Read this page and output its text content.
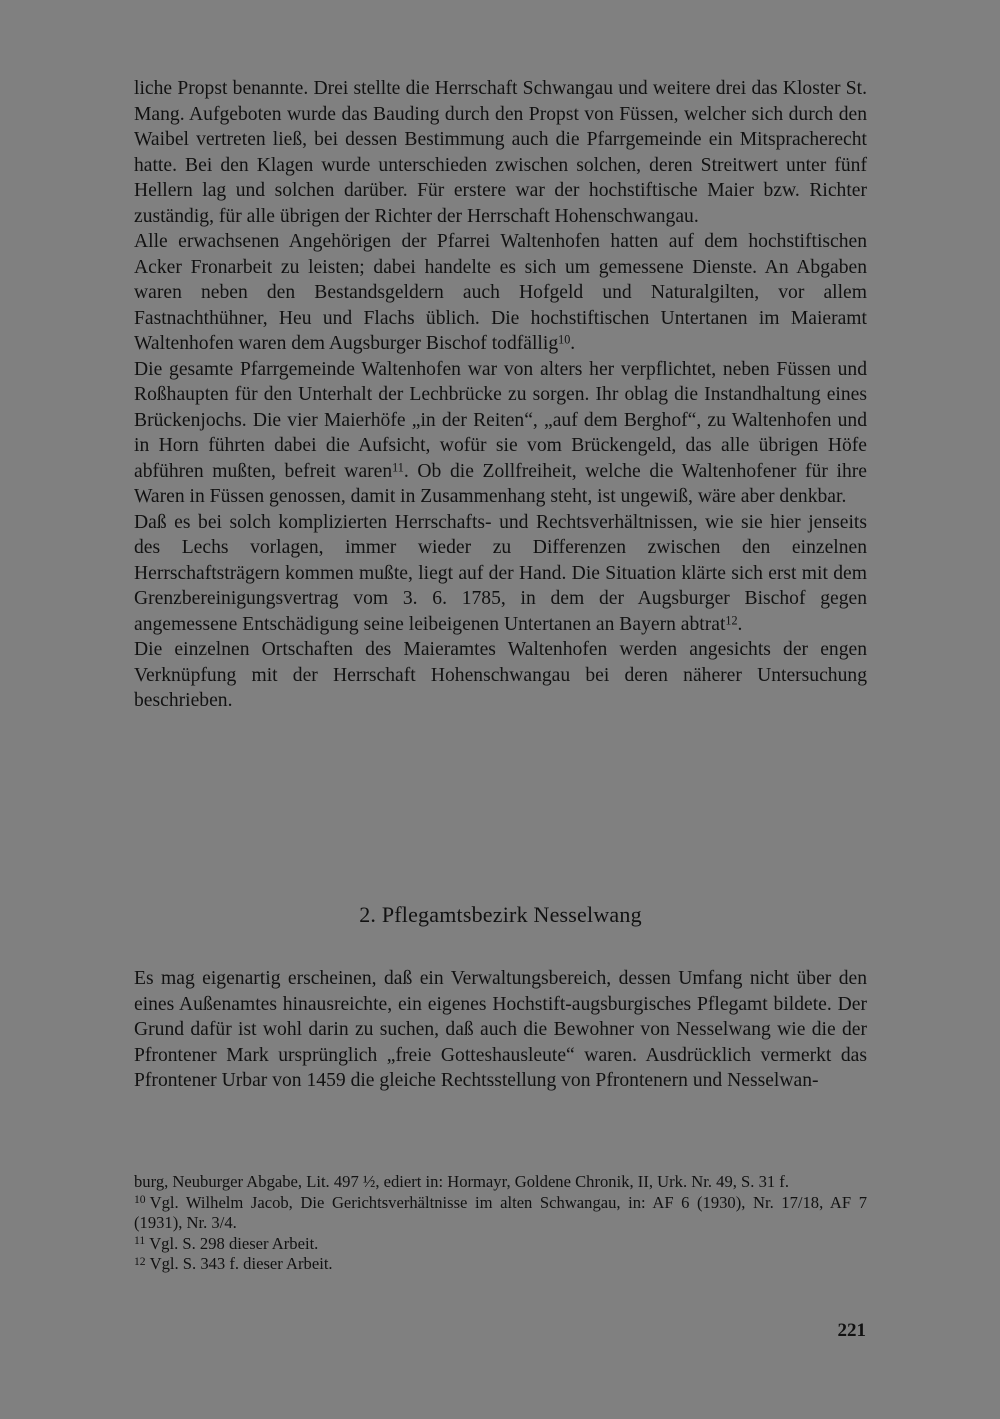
liche Propst benannte. Drei stellte die Herrschaft Schwangau und weitere drei das Kloster St. Mang. Aufgeboten wurde das Bauding durch den Propst von Füssen, welcher sich durch den Waibel vertreten ließ, bei dessen Bestimmung auch die Pfarrgemeinde ein Mitspracherecht hatte. Bei den Klagen wurde unterschieden zwischen solchen, deren Streitwert unter fünf Hellern lag und solchen darüber. Für erstere war der hochstiftische Maier bzw. Richter zuständig, für alle übrigen der Richter der Herrschaft Hohenschwangau.

Alle erwachsenen Angehörigen der Pfarrei Waltenhofen hatten auf dem hochstiftischen Acker Fronarbeit zu leisten; dabei handelte es sich um gemessene Dienste. An Abgaben waren neben den Bestandsgeldern auch Hofgeld und Naturalgilten, vor allem Fastnachthühner, Heu und Flachs üblich. Die hochstiftischen Untertanen im Maieramt Waltenhofen waren dem Augsburger Bischof todfällig$^{10}$.

Die gesamte Pfarrgemeinde Waltenhofen war von alters her verpflichtet, neben Füssen und Roßhaupten für den Unterhalt der Lechbrücke zu sorgen. Ihr oblag die Instandhaltung eines Brückenjochs. Die vier Maierhöfe „in der Reiten“, „auf dem Berghof“, zu Waltenhofen und in Horn führten dabei die Aufsicht, wofür sie vom Brückengeld, das alle übrigen Höfe abführen mußten, befreit waren$^{11}$. Ob die Zollfreiheit, welche die Waltenhofener für ihre Waren in Füssen genossen, damit in Zusammenhang steht, ist ungewiß, wäre aber denkbar.

Daß es bei solch komplizierten Herrschafts- und Rechtsverhältnissen, wie sie hier jenseits des Lechs vorlagen, immer wieder zu Differenzen zwischen den einzelnen Herrschaftsträgern kommen mußte, liegt auf der Hand. Die Situation klärte sich erst mit dem Grenzbereinigungsvertrag vom 3. 6. 1785, in dem der Augsburger Bischof gegen angemessene Entschädigung seine leibeigenen Untertanen an Bayern abtrat$^{12}$.

Die einzelnen Ortschaften des Maieramtes Waltenhofen werden angesichts der engen Verknüpfung mit der Herrschaft Hohenschwangau bei deren näherer Untersuchung beschrieben.

2. Pflegamtsbezirk Nesselwang

Es mag eigenartig erscheinen, daß ein Verwaltungsbereich, dessen Umfang nicht über den eines Außenamtes hinausreichte, ein eigenes Hochstift-augsburgisches Pflegamt bildete. Der Grund dafür ist wohl darin zu suchen, daß auch die Bewohner von Nesselwang wie die der Pfrontener Mark ursprünglich „freie Gotteshausleute“ waren. Ausdrücklich vermerkt das Pfrontener Urbar von 1459 die gleiche Rechtsstellung von Pfrontenern und Nesselwan-

burg, Neuburger Abgabe, Lit. 497 ½, ediert in: Hormayr, Goldene Chronik, II, Urk. Nr. 49, S. 31 f.

$^{10}$ Vgl. Wilhelm Jacob, Die Gerichtsverhältnisse im alten Schwangau, in: AF 6 (1930), Nr. 17/18, AF 7 (1931), Nr. 3/4.

$^{11}$ Vgl. S. 298 dieser Arbeit.

$^{12}$ Vgl. S. 343 f. dieser Arbeit.

221
